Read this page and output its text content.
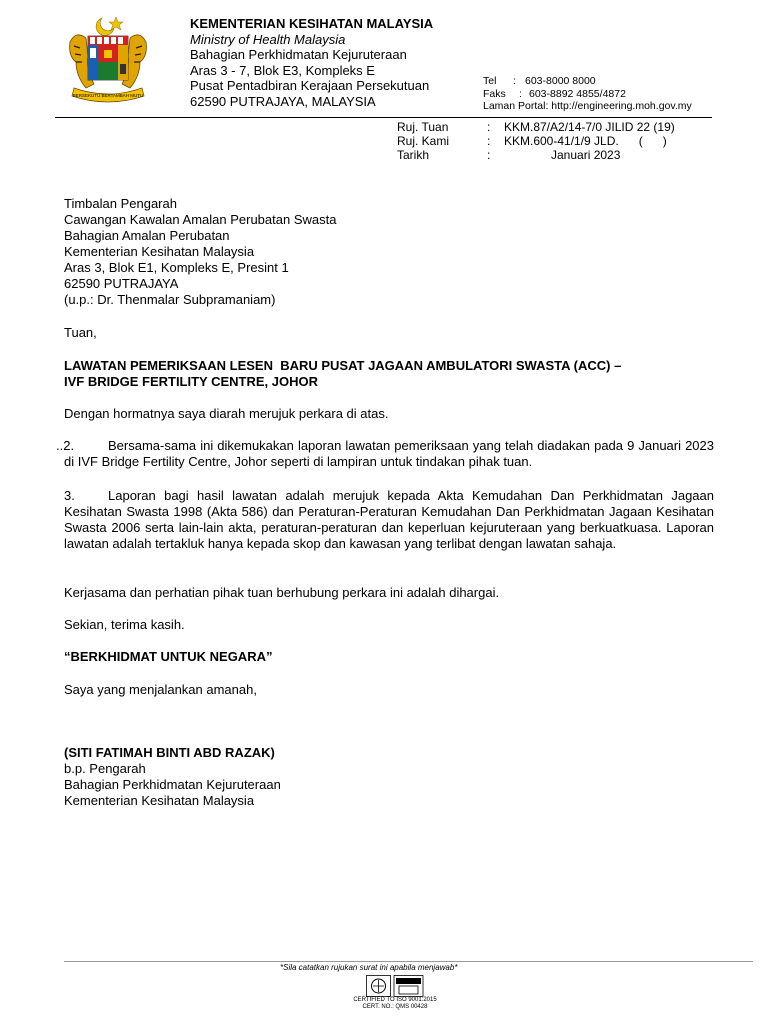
BERSEKUTU BERTAMBAH MUTU
KEMENTERIAN KESIHATAN MALAYSIA
Ministry of Health Malaysia
Bahagian Perkhidmatan Kejuruteraan
Aras 3 - 7, Blok E3, Kompleks E
Pusat Pentadbiran Kerajaan Persekutuan
62590 PUTRAJAYA, MALAYSIA
Tel : 603-8000 8000
Faks : 603-8892 4855/4872
Laman Portal: http://engineering.moh.gov.my
Ruj. Tuan	: KKM.87/A2/14-7/0 JILID 22 (19)
Ruj. Kami	: KKM.600-41/1/9 JLD.      (      )
Tarikh	:	Januari 2023
Timbalan Pengarah
Cawangan Kawalan Amalan Perubatan Swasta
Bahagian Amalan Perubatan
Kementerian Kesihatan Malaysia
Aras 3, Blok E1, Kompleks E, Presint 1
62590 PUTRAJAYA
(u.p.: Dr. Thenmalar Subpramaniam)
Tuan,
LAWATAN PEMERIKSAAN LESEN  BARU PUSAT JAGAAN AMBULATORI SWASTA (ACC) –
IVF BRIDGE FERTILITY CENTRE, JOHOR
Dengan hormatnya saya diarah merujuk perkara di atas.
..2.	Bersama-sama ini dikemukakan laporan lawatan pemeriksaan yang telah diadakan pada 9 Januari 2023 di IVF Bridge Fertility Centre, Johor seperti di lampiran untuk tindakan pihak tuan.
3.	Laporan bagi hasil lawatan adalah merujuk kepada Akta Kemudahan Dan Perkhidmatan Jagaan Kesihatan Swasta 1998 (Akta 586) dan Peraturan-Peraturan Kemudahan Dan Perkhidmatan Jagaan Kesihatan Swasta 2006 serta lain-lain akta, peraturan-peraturan dan keperluan kejuruteraan yang berkuatkuasa. Laporan lawatan adalah tertakluk hanya kepada skop dan kawasan yang terlibat dengan lawatan sahaja.
Kerjasama dan perhatian pihak tuan berhubung perkara ini adalah dihargai.
Sekian, terima kasih.
“BERKHIDMAT UNTUK NEGARA”
Saya yang menjalankan amanah,
(SITI FATIMAH BINTI ABD RAZAK)
b.p. Pengarah
Bahagian Perkhidmatan Kejuruteraan
Kementerian Kesihatan Malaysia
*Sila catatkan rujukan surat ini apabila menjawab*
CERTIFIED TO ISO 9001:2015
CERT. NO.: QMS 00428
